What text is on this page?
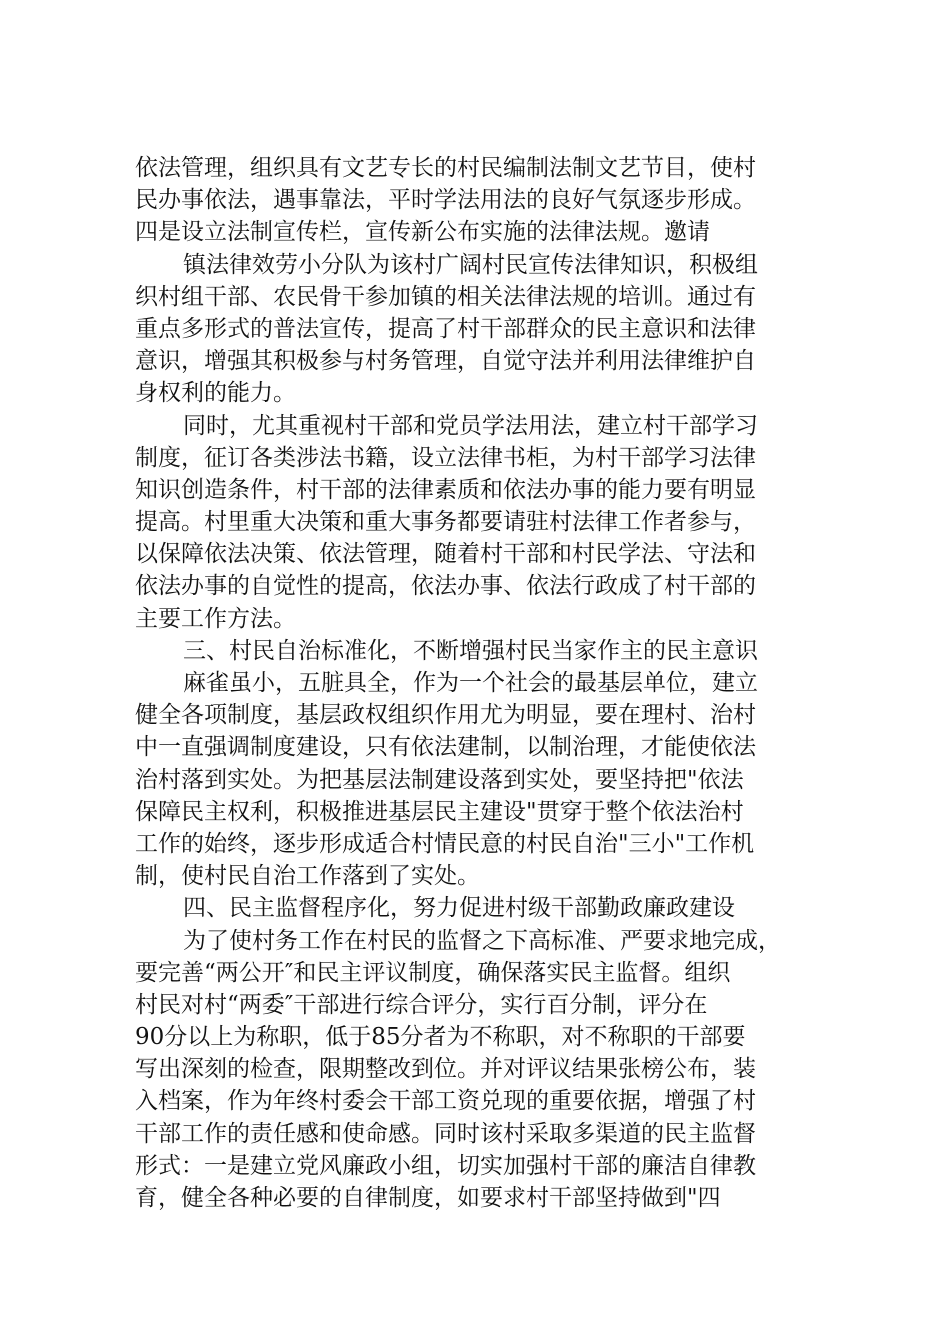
依法管理，组织具有文艺专长的村民编制法制文艺节目，使村
民办事依法，遇事靠法，平时学法用法的良好气氛逐步形成。
四是设立法制宣传栏，宣传新公布实施的法律法规。邀请
镇法律效劳小分队为该村广阔村民宣传法律知识，积极组
织村组干部、农民骨干参加镇的相关法律法规的培训。通过有
重点多形式的普法宣传，提高了村干部群众的民主意识和法律
意识，增强其积极参与村务管理，自觉守法并利用法律维护自
身权利的能力。
同时，尤其重视村干部和党员学法用法，建立村干部学习
制度，征订各类涉法书籍，设立法律书柜，为村干部学习法律
知识创造条件，村干部的法律素质和依法办事的能力要有明显
提高。村里重大决策和重大事务都要请驻村法律工作者参与，
以保障依法决策、依法管理，随着村干部和村民学法、守法和
依法办事的自觉性的提高，依法办事、依法行政成了村干部的
主要工作方法。
三、村民自治标准化，不断增强村民当家作主的民主意识
麻雀虽小，五脏具全，作为一个社会的最基层单位，建立
健全各项制度，基层政权组织作用尤为明显，要在理村、治村
中一直强调制度建设，只有依法建制，以制治理，才能使依法
治村落到实处。为把基层法制建设落到实处，要坚持把"依法
保障民主权利，积极推进基层民主建设"贯穿于整个依法治村
工作的始终，逐步形成适合村情民意的村民自治"三小"工作机
制，使村民自治工作落到了实处。
四、民主监督程序化，努力促进村级干部勤政廉政建设
为了使村务工作在村民的监督之下高标准、严要求地完成，
要完善“两公开″和民主评议制度，确保落实民主监督。组织
村民对村“两委″干部进行综合评分，实行百分制，评分在
90分以上为称职，低于85分者为不称职，对不称职的干部要
写出深刻的检查，限期整改到位。并对评议结果张榜公布，装
入档案，作为年终村委会干部工资兑现的重要依据，增强了村
干部工作的责任感和使命感。同时该村采取多渠道的民主监督
形式：一是建立党风廉政小组，切实加强村干部的廉洁自律教
育，健全各种必要的自律制度，如要求村干部坚持做到"四
